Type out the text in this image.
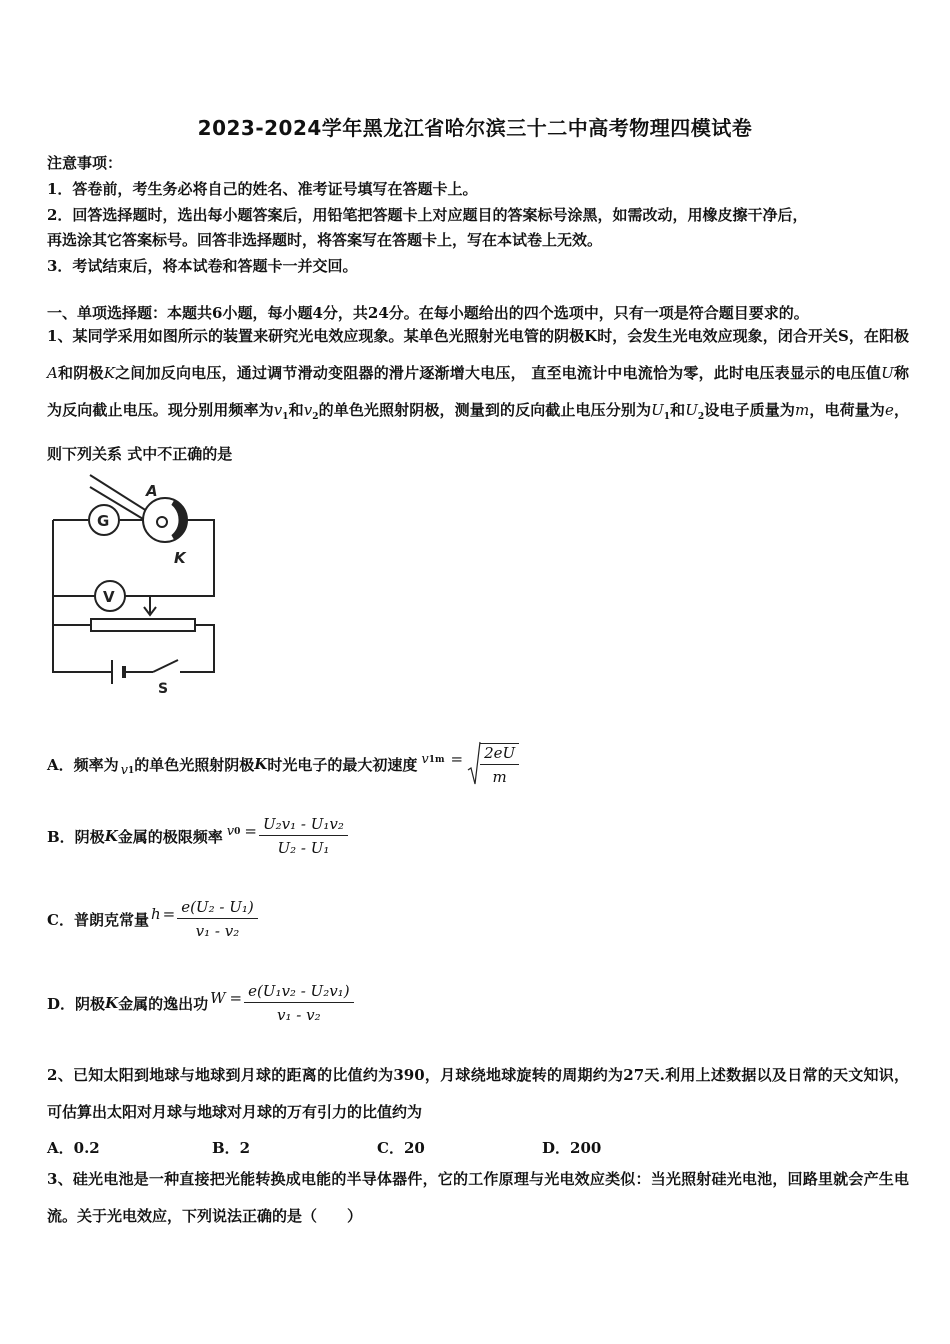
2023-2024学年黑龙江省哈尔滨三十二中高考物理四模试卷
注意事项：
1．答卷前，考生务必将自己的姓名、准考证号填写在答题卡上。
2．回答选择题时，选出每小题答案后，用铅笔把答题卡上对应题目的答案标号涂黑，如需改动，用橡皮擦干净后，
再选涂其它答案标号。回答非选择题时，将答案写在答题卡上，写在本试卷上无效。
3．考试结束后，将本试卷和答题卡一并交回。
一、单项选择题：本题共6小题，每小题4分，共24分。在每小题给出的四个选项中，只有一项是符合题目要求的。
1、某同学采用如图所示的装置来研究光电效应现象。某单色光照射光电管的阴极K时，会发生光电效应现象，闭合开关S，在阳极A和阴极K之间加反向电压，通过调节滑动变阻器的滑片逐渐增大电压， 直至电流计中电流恰为零，此时电压表显示的电压值U称为反向截止电压。现分别用频率为$v_1$和$v_2$的单色光照射阴极，测量到的反向截止电压分别为$U_1$和$U_2$设电子质量为m，电荷量为e，则下列关系 式中不正确的是
G
A
K
V
S
A．频率为 v 1 的单色光照射阴极 K 时光电子的最大初速度 v $1m = \frac{2eU}{m}$
B．阴极 K 金属的极限频率 v $0 = \frac{\text{U₂v₁ - U₁v₂}}{\text{U₂ - U₁}}$
C．普朗克常量 $h = \frac{\text{e(U₂ - U₁)}}{\text{v₁ - v₂}}$
D．阴极 K 金属的逸出功 $W = \frac{\text{e(U₁v₂ - U₂v₁)}}{\text{v₁ - v₂}}$
2、已知太阳到地球与地球到月球的距离的比值约为390，月球绕地球旋转的周期约为27天.利用上述数据以及日常的天文知识，可估算出太阳对月球与地球对月球的万有引力的比值约为
A．0.2	B．2	C．20	D．200
3、硅光电池是一种直接把光能转换成电能的半导体器件，它的工作原理与光电效应类似：当光照射硅光电池，回路里就会产生电流。关于光电效应，下列说法正确的是（　　）
